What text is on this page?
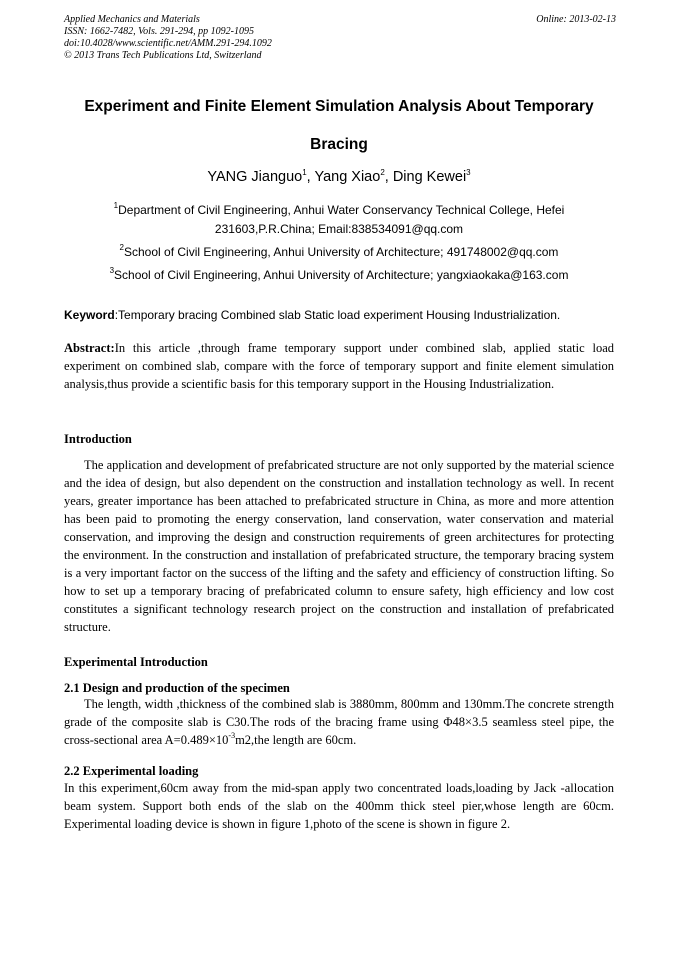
Applied Mechanics and Materials
ISSN: 1662-7482, Vols. 291-294, pp 1092-1095
doi:10.4028/www.scientific.net/AMM.291-294.1092
© 2013 Trans Tech Publications Ltd, Switzerland
Online: 2013-02-13
Experiment and Finite Element Simulation Analysis About Temporary
Bracing
YANG Jianguo$^1$, Yang Xiao$^2$, Ding Kewei$^3$
$^1$Department of Civil Engineering, Anhui Water Conservancy Technical College, Hefei
231603,P.R.China; Email:838534091@qq.com
$^2$School of Civil Engineering, Anhui University of Architecture; 491748002@qq.com
$^3$School of Civil Engineering, Anhui University of Architecture; yangxiaokaka@163.com
Keyword:Temporary bracing Combined slab Static load experiment Housing Industrialization.

Abstract:In this article ,through frame temporary support under combined slab, applied static load experiment on combined slab, compare with the force of temporary support and finite element simulation analysis,thus provide a scientific basis for this temporary support in the Housing Industrialization.

Introduction

The application and development of prefabricated structure are not only supported by the material science and the idea of design, but also dependent on the construction and installation technology as well. In recent years, greater importance has been attached to prefabricated structure in China, as more and more attention has been paid to promoting the energy conservation, land conservation, water conservation and material conservation, and improving the design and construction requirements of green architectures for protecting the environment. In the construction and installation of prefabricated structure, the temporary bracing system is a very important factor on the success of the lifting and the safety and efficiency of construction lifting. So how to set up a temporary bracing of prefabricated column to ensure safety, high efficiency and low cost constitutes a significant technology research project on the construction and installation of prefabricated structure.

Experimental Introduction
2.1 Design and production of the specimen

The length, width ,thickness of the combined slab is 3880mm, 800mm and 130mm.The concrete strength grade of the composite slab is C30.The rods of the bracing frame using Φ48×3.5 seamless steel pipe, the cross-sectional area $A=0.489\times 10^{-3}m2,the$ length are 60cm.

2.2 Experimental loading

In this experiment,60cm away from the mid-span apply two concentrated loads,loading by Jack -allocation beam system. Support both ends of the slab on the 400mm thick steel pier,whose length are 60cm. Experimental loading device is shown in figure 1,photo of the scene is shown in figure 2.
